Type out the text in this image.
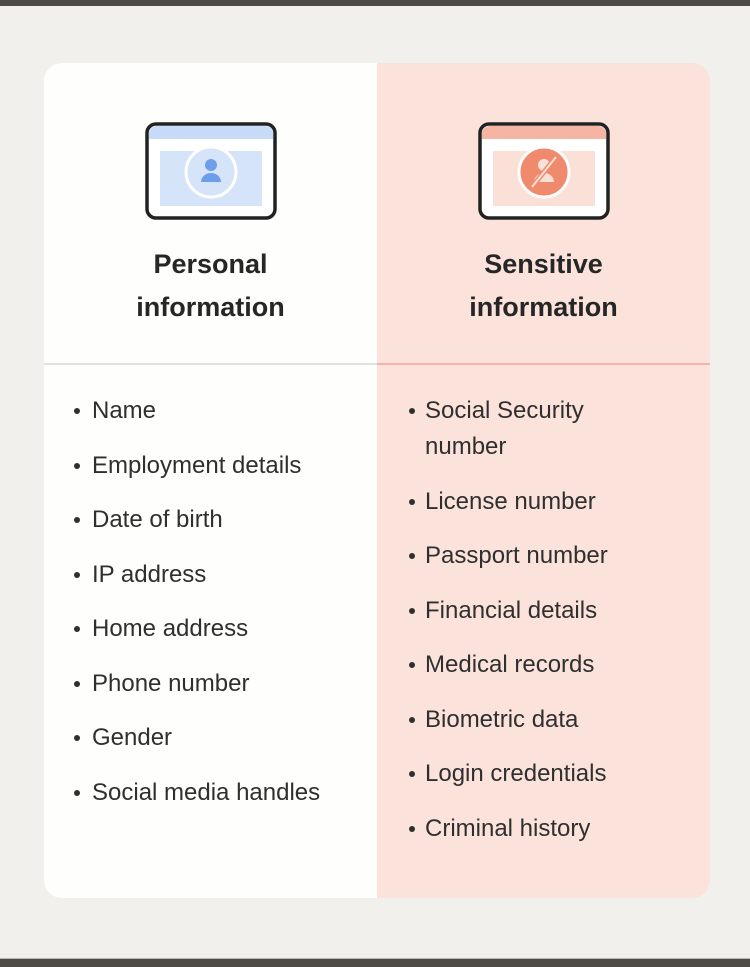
Personal
information
Name
Employment details
Date of birth
IP address
Home address
Phone number
Gender
Social media handles
Sensitive
information
Social Security number
License number
Passport number
Financial details
Medical records
Biometric data
Login credentials
Criminal history
